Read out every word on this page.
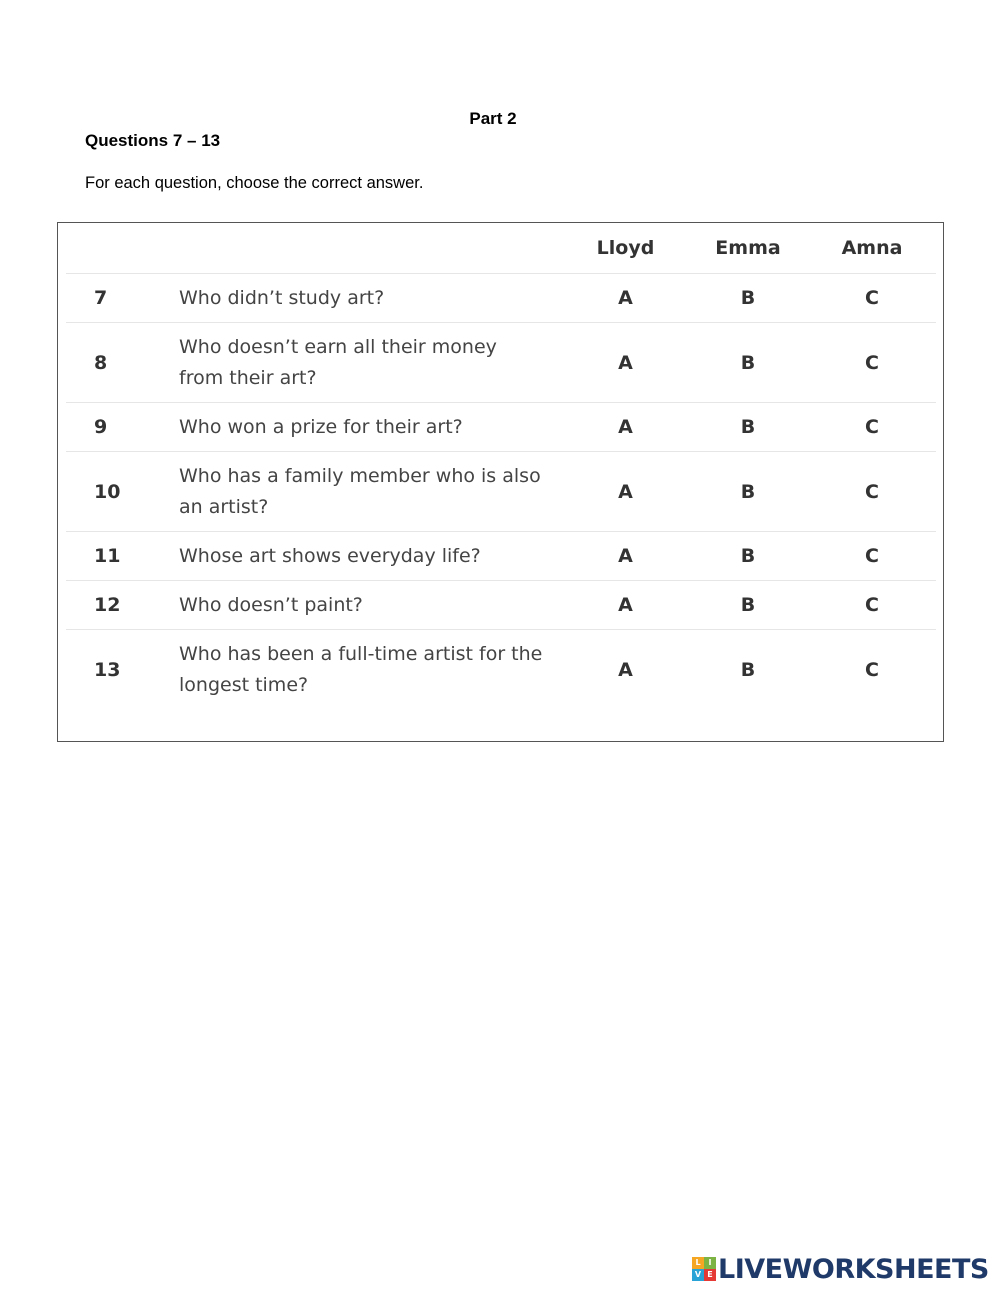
Part 2
Questions 7 – 13
For each question, choose the correct answer.
		Lloyd	Emma	Amna
7	Who didn’t study art?	A	B	C
8	Who doesn’t earn all their money from their art?	A	B	C
9	Who won a prize for their art?	A	B	C
10	Who has a family member who is also an artist?	A	B	C
11	Whose art shows everyday life?	A	B	C
12	Who doesn’t paint?	A	B	C
13	Who has been a full-time artist for the longest time?	A	B	C
L I
V E LIVEWORKSHEETS
